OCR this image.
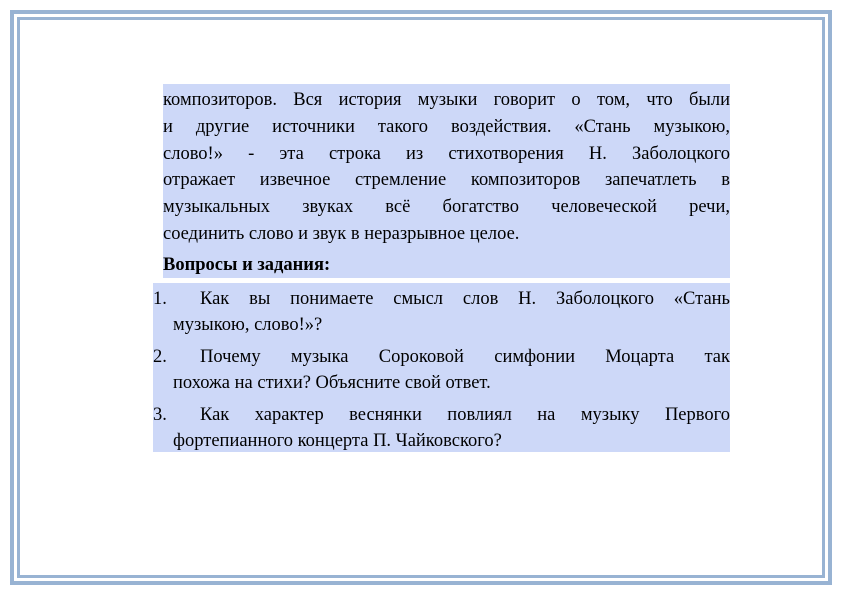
композиторов. Вся история музыки говорит о том, что были
и другие источники такого воздействия. «Стань музыкою,
слово!» - эта строка из стихотворения Н. Заболоцкого
отражает извечное стремление композиторов запечатлеть в
музыкальных звуках всё богатство человеческой речи,
соединить слово и звук в неразрывное целое.
Вопросы и задания:
1.	Как вы понимаете смысл слов Н. Заболоцкого «Стань
музыкою, слово!»?
2.	Почему музыка Сороковой симфонии Моцарта так
похожа на стихи? Объясните свой ответ.
3.	Как характер веснянки повлиял на музыку Первого
фортепианного концерта П. Чайковского?
